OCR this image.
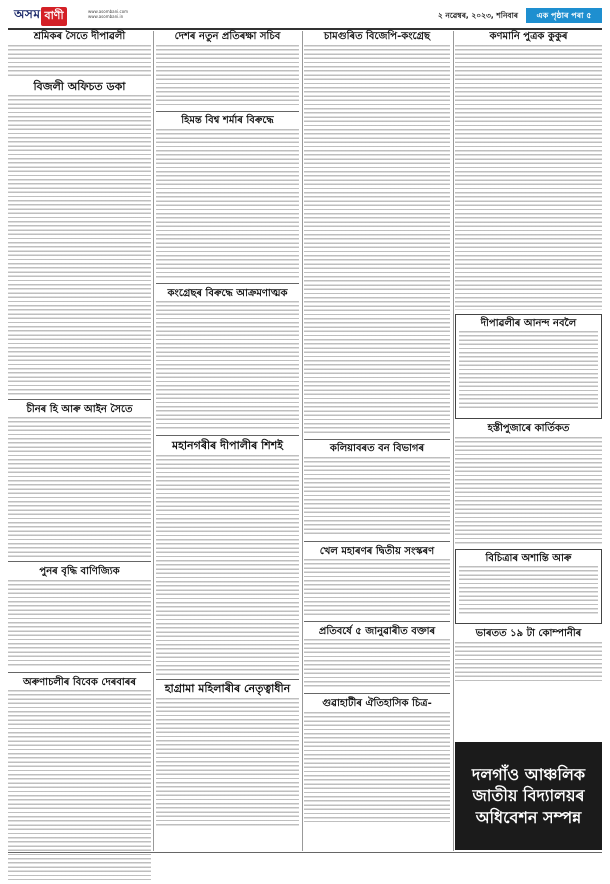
অসম বাণী	www.asombani.com
www.asombani.in	২ নৱেম্বৰ, ২০২৩, শনিবাৰ	এক পৃষ্ঠাৰ পৰা ৫
শ্ৰমিকৰ সৈতে দীপাৱলী
বিজলী অফিচত ডকা
চীনৰ হি আৰু আইন সৈতে
পুনৰ বৃদ্ধি বাণিজ্যিক
অৰুণাচলীৰ বিবেক দেৰবাৰৰ
দেশৰ নতুন প্ৰতিৰক্ষা সচিব
হিমন্ত বিশ্ব শৰ্মাৰ বিৰুদ্ধে
কংগ্ৰেছৰ বিৰুদ্ধে আক্ৰমণাত্মক
মহানগৰীৰ দীপালীৰ শিশই
হাগ্ৰামা মহিলাৰীৰ নেতৃত্বাধীন
চামগুৰিত বিজেপি-কংগ্ৰেছ
কলিয়াবৰত বন বিভাগৰ
খেল মহাৰণৰ দ্বিতীয় সংস্কৰণ
প্ৰতিবৰ্ষে ৫ জানুৱাৰীত বক্তাৰ
গুৱাহাটীৰ ঐতিহাসিক চিত্ৰ-
কণমানি পুত্ৰক কুকুৰ
দীপাৱলীৰ আনন্দ নবলৈ
হস্তীপুজাৰে কাৰ্তিকত
বিচিত্ৰাৰ অশান্তি আৰু
ভাৰতত ১৯ টা কোম্পানীৰ
দলগাঁও আঞ্চলিক জাতীয় বিদ্যালয়ৰ অধিবেশন সম্পন্ন
